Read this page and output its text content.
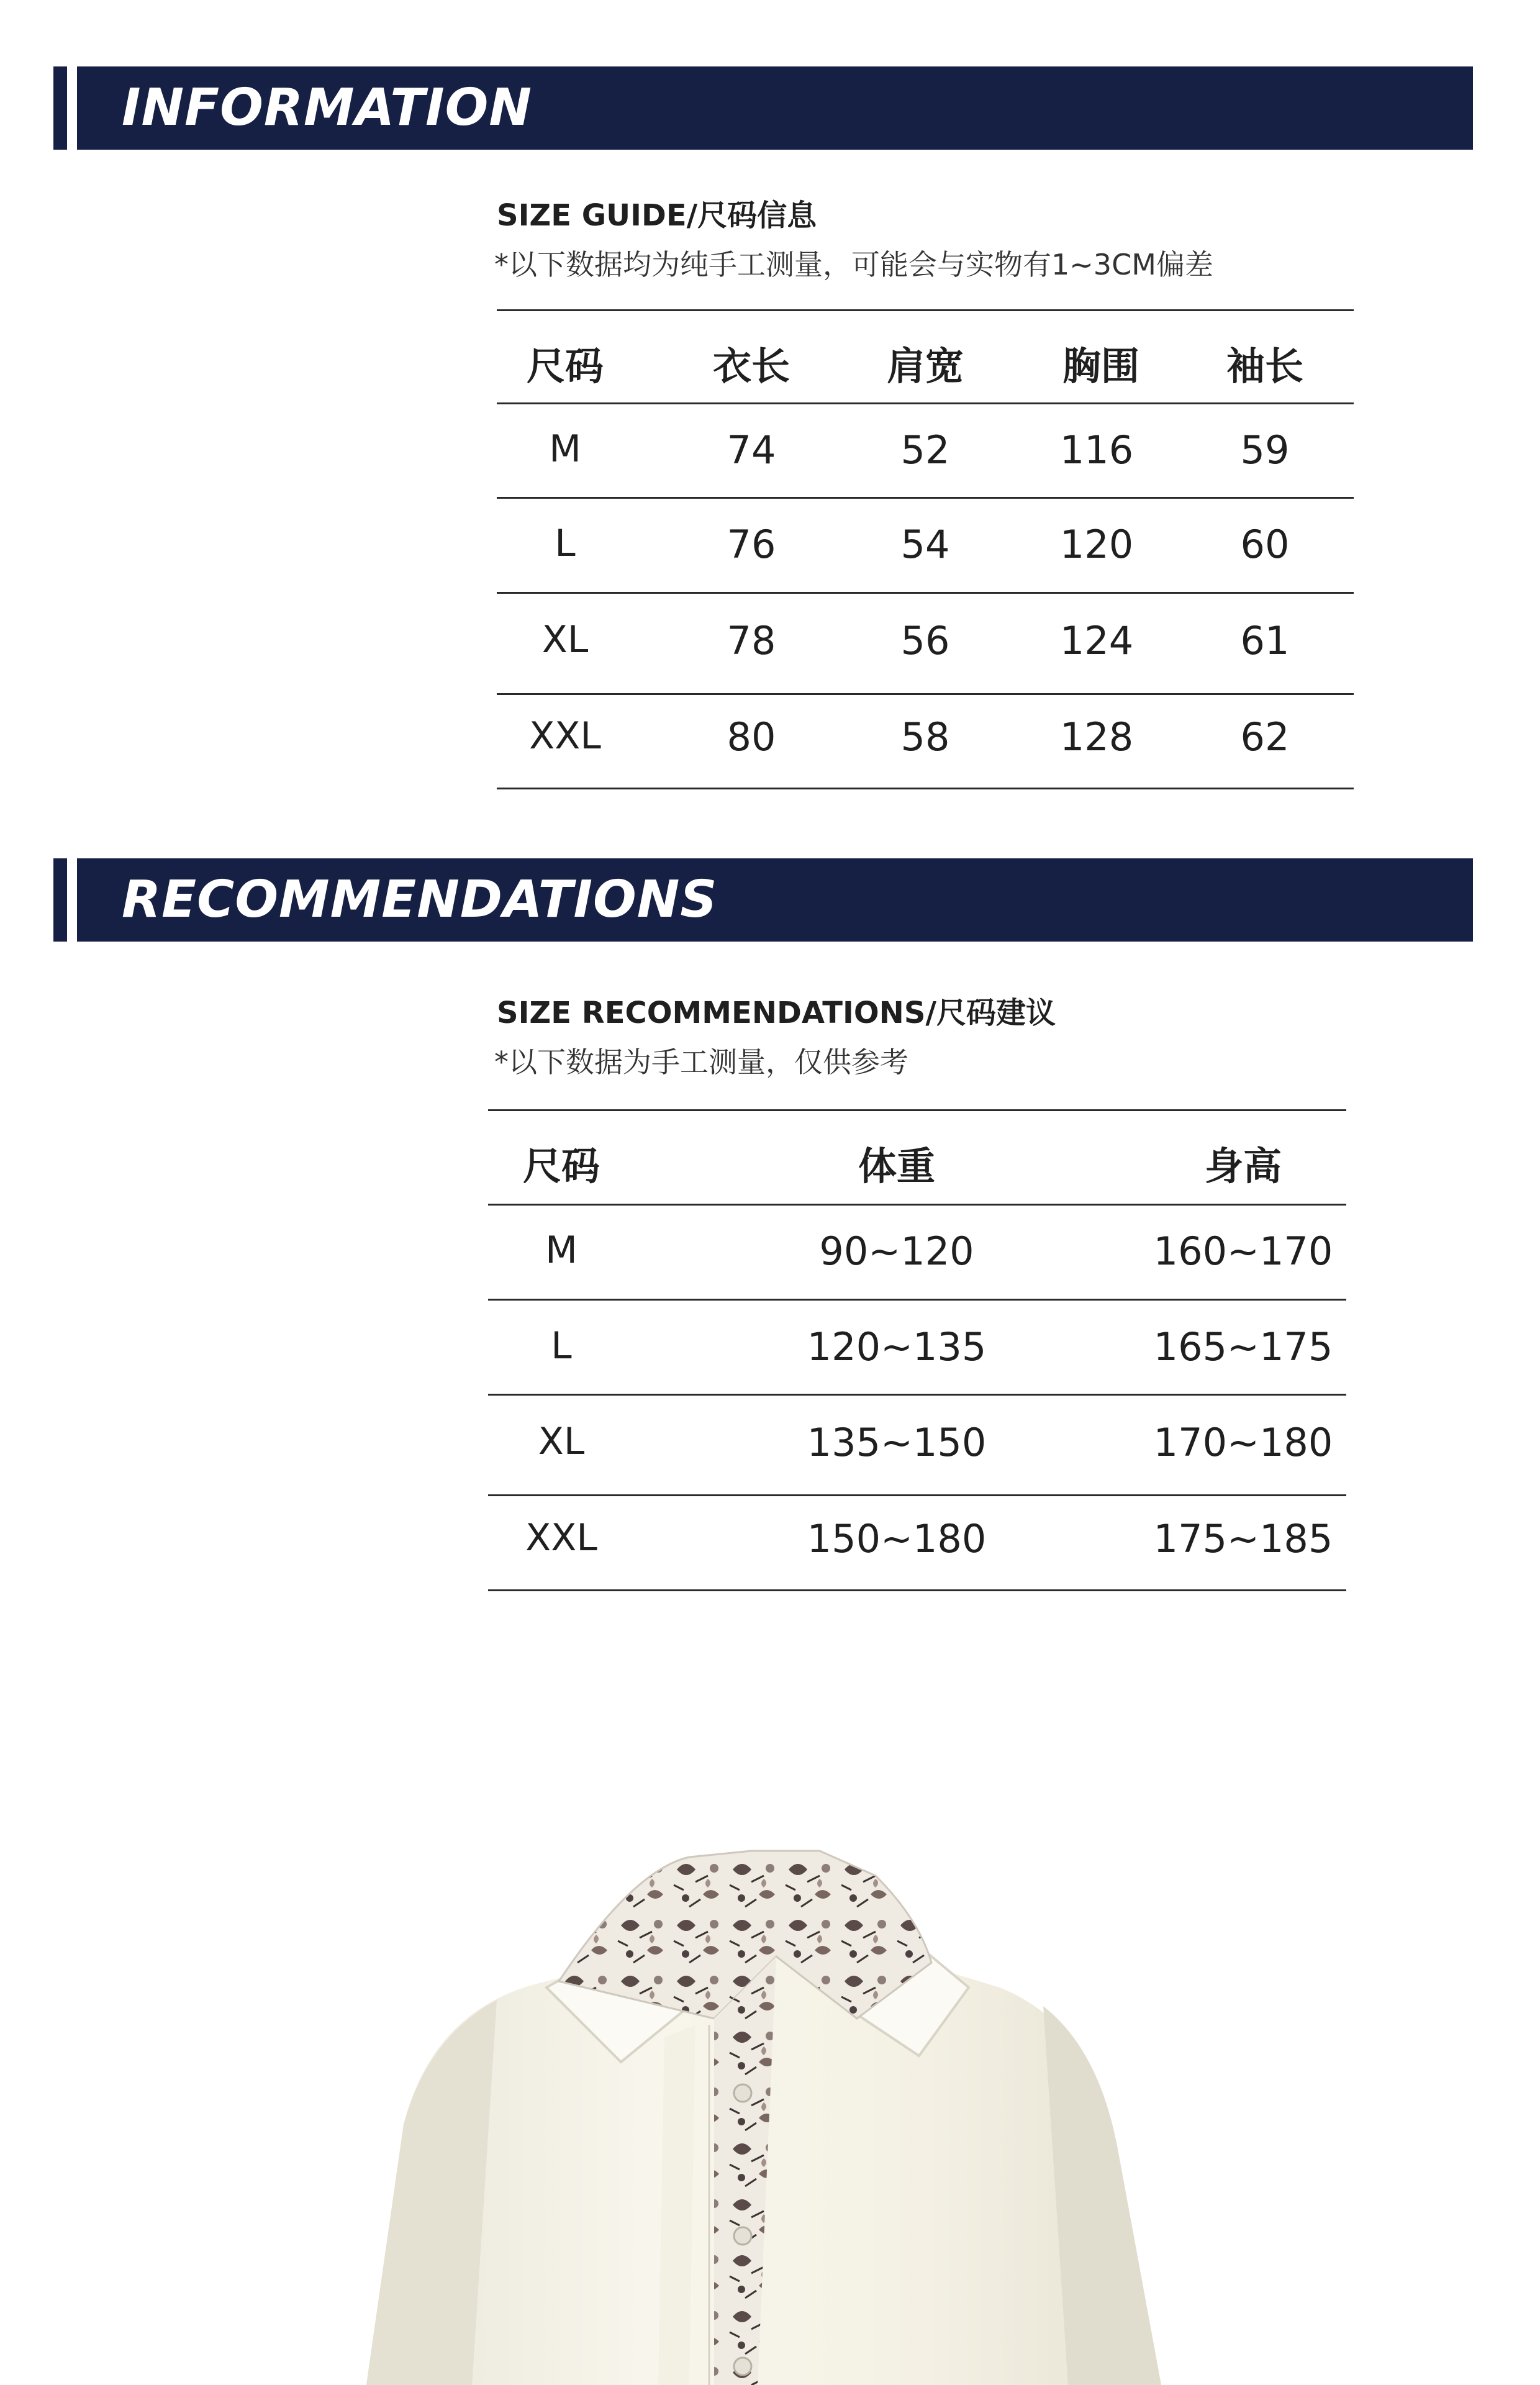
INFORMATION
SIZE GUIDE/尺码信息
*以下数据均为纯手工测量，可能会与实物有1~3CM偏差
尺码	衣长	肩宽	胸围 袖长
M	74	52	116	59
L	76	54	120	60
XL	78	56	124	61
XXL	80	58	128	62
RECOMMENDATIONS
SIZE RECOMMENDATIONS/尺码建议
*以下数据为手工测量，仅供参考
尺码	体重	身高
M	90~120	160~170
L	120~135	165~175
XL	135~150	170~180
XXL	150~180	175~185
